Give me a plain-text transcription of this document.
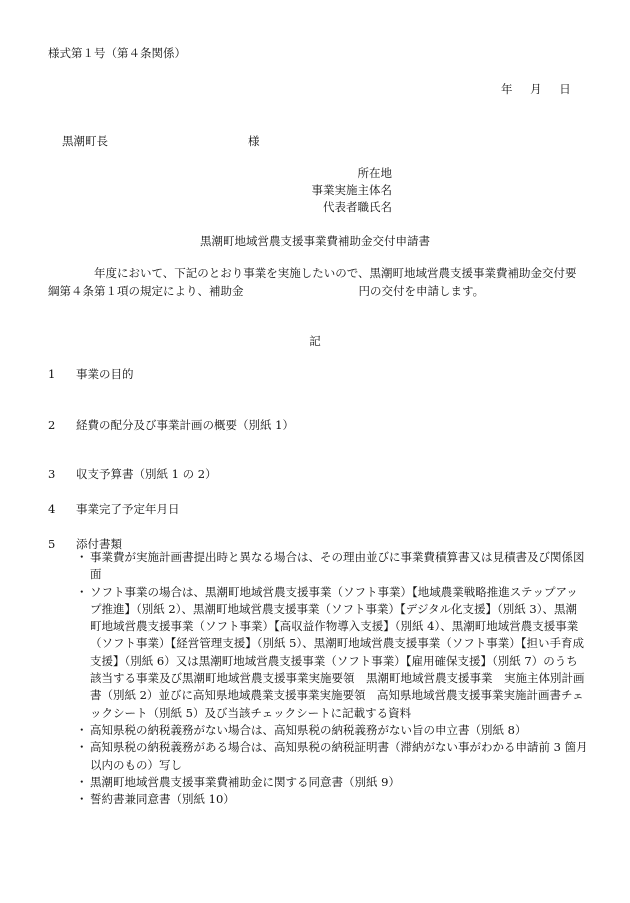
様式第１号（第４条関係）
年 月 日
黒潮町長	様
所在地
事業実施主体名
代表者職氏名
黒潮町地域営農支援事業費補助金交付申請書
　　　　年度において、下記のとおり事業を実施したいので、黒潮町地域営農支援事業費補助金交付要綱第４条第１項の規定により、補助金　　　　　　　　　　円の交付を申請します。
記
1 事業の目的
2 経費の配分及び事業計画の概要（別紙 1）
3 収支予算書（別紙 1 の 2）
4 事業完了予定年月日
5 添付書類
・ 事業費が実施計画書提出時と異なる場合は、その理由並びに事業費積算書又は見積書及び関係図面
・ ソフト事業の場合は、黒潮町地域営農支援事業（ソフト事業）【地域農業戦略推進ステップアップ推進】（別紙 2）、黒潮町地域営農支援事業（ソフト事業）【デジタル化支援】（別紙 3）、黒潮町地域営農支援事業（ソフト事業）【高収益作物導入支援】（別紙 4）、黒潮町地域営農支援事業（ソフト事業）【経営管理支援】（別紙 5）、黒潮町地域営農支援事業（ソフト事業）【担い手育成支援】（別紙 6）又は黒潮町地域営農支援事業（ソフト事業）【雇用確保支援】（別紙 7）のうち該当する事業及び黒潮町地域営農支援事業実施要領　黒潮町地域営農支援事業　実施主体別計画書（別紙 2）並びに高知県地域農業支援事業実施要領　高知県地域営農支援事業実施計画書チェックシート（別紙 5）及び当該チェックシートに記載する資料
・ 高知県税の納税義務がない場合は、高知県税の納税義務がない旨の申立書（別紙 8）
・ 高知県税の納税義務がある場合は、高知県税の納税証明書（滞納がない事がわかる申請前 3 箇月以内のもの）写し
・ 黒潮町地域営農支援事業費補助金に関する同意書（別紙 9）
・ 誓約書兼同意書（別紙 10）
